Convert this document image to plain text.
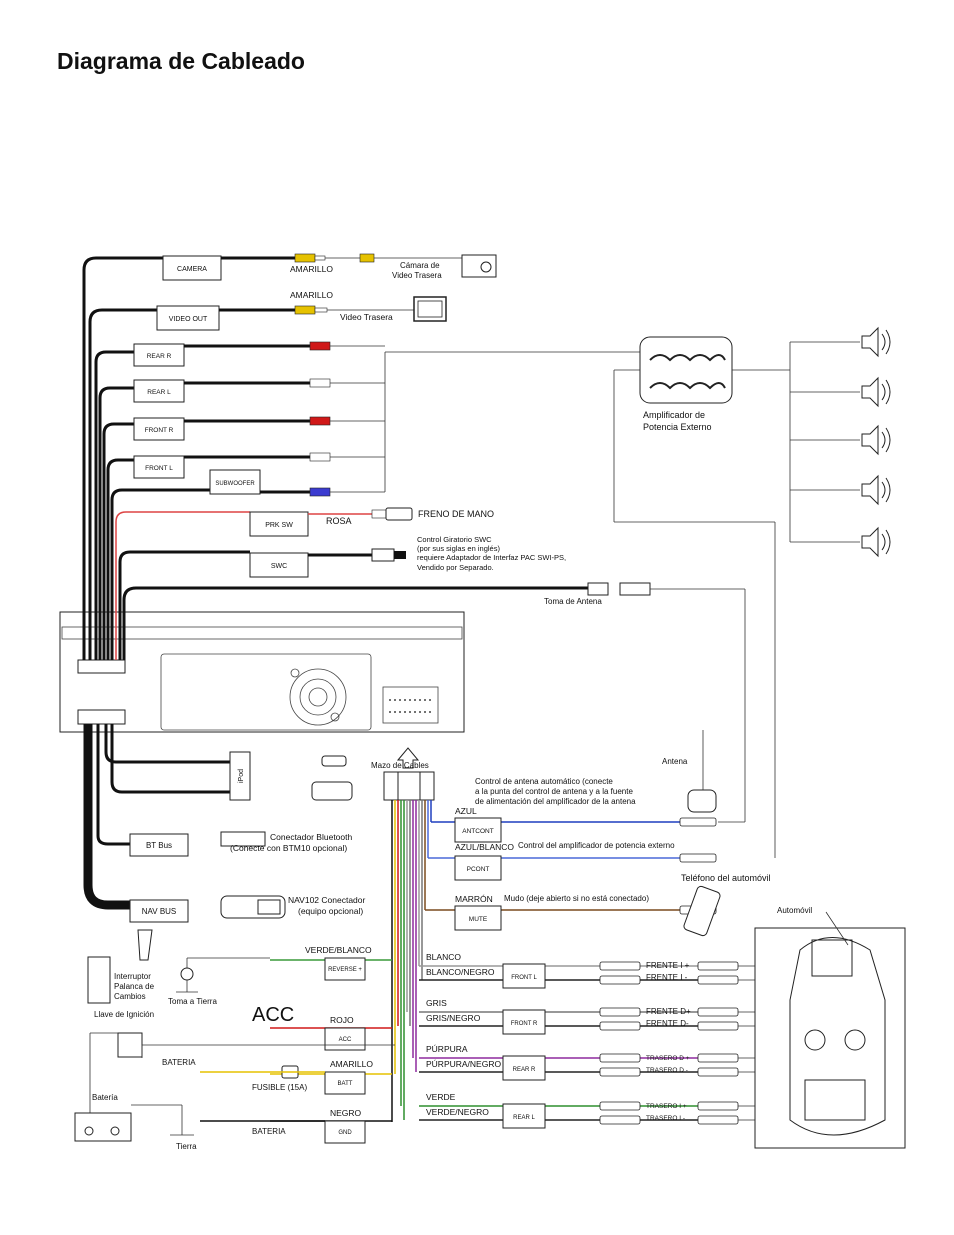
Diagrama de Cableado
CAMERA
VIDEO OUT
REAR R
REAR L
FRONT R
FRONT L
SUBWOOFER
PRK SW
SWC
iPod
BT Bus
NAV BUS
ANTCONT
AZUL
PCONT
AZUL/BLANCO
MUTE
MARRÓN
REVERSE +
VERDE/BLANCO
ACC
ROJO
BATT
AMARILLO
GND
NEGRO
FRONT L
BLANCO
BLANCO/NEGRO
FRENTE I +
FRENTE I -
FRONT R
GRIS
GRIS/NEGRO
FRENTE D+
FRENTE D-
REAR R
PÚRPURA
PÚRPURA/NEGRO
TRASERO D +
TRASERO D -
REAR L
VERDE
VERDE/NEGRO
TRASERO I +
TRASERO I -
AMARILLO	Cámara de
Video Trasera
AMARILLO
Video Trasera
Amplificador de
Potencia Externo
ROSA
FRENO DE MANO
Control Giratorio SWC
(por sus siglas en inglés)
requiere Adaptador de Interfaz PAC SWI-PS,
Vendido por Separado.
Toma de Antena
Antena
Mazo de Cables
Control de antena automático (conecte
a la punta del control de antena y a la fuente
de alimentación del amplificador de la antena
Conectador Bluetooth
(Conecte con BTM10 opcional)
NAV102 Conectador
(equipo opcional)
Control del amplificador de potencia externo
Mudo (deje abierto si no está conectado)
Teléfono del automóvil
Automóvil
Interruptor
Palanca de
Cambios
Toma a Tierra
Llave de Ignición	ACC
BATERIA
FUSIBLE (15A)
Batería
Tierra
BATERIA
